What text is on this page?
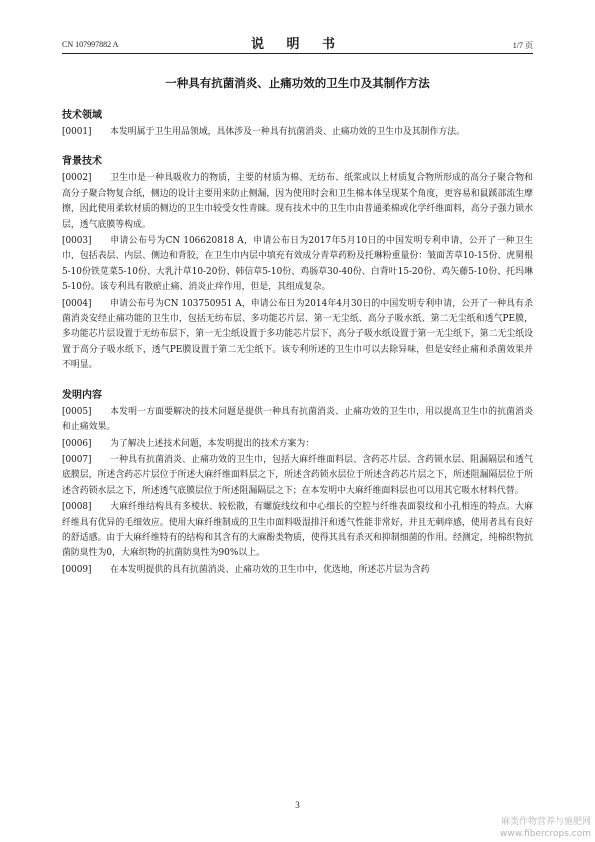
CN 107997882 A	说 明 书	1/7 页
一种具有抗菌消炎、止痛功效的卫生巾及其制作方法
技术领域

[0001] 本发明属于卫生用品领域，具体涉及一种具有抗菌消炎、止痛功效的卫生巾及其制作方法。

背景技术

[0002] 卫生巾是一种具吸收力的物质，主要的材质为棉、无纺布、纸浆或以上材质复合物所形成的高分子聚合物和高分子聚合物复合纸，侧边的设计主要用来防止侧漏，因为使用时会和卫生棉本体呈现某个角度，更容易和鼠蹊部流生摩擦，因此使用柔软材质的侧边的卫生巾较受女性青睐。现有技术中的卫生巾由普通柔棉或化学纤维面料，高分子强力锁水层，透气底膜等构成。

[0003] 申请公布号为CN 106620818 A，申请公布日为2017年5月10日的中国发明专利申请，公开了一种卫生巾，包括表层、内层、侧边和背胶，在卫生巾内层中填充有效成分青草药粉及托琳粉重量份：皱面苦草10-15份、虎舅根5-10份铁苋菜5-10份、大乳汁草10-20份、韩信草5-10份、鸡肠草30-40份、白背叶15-20份、鸡矢藤5-10份、托玛琳5-10份。该专利具有散瘀止痛、消炎止痒作用，但是，其组成复杂。

[0004] 申请公布号为CN 103750951 A，申请公布日为2014年4月30日的中国发明专利申请，公开了一种具有杀菌消炎安经止痛功能的卫生巾，包括无纺布层、多功能芯片层、第一无尘纸、高分子吸水纸、第二无尘纸和透气PE膜，多功能芯片层设置于无纺布层下，第一无尘纸设置于多功能芯片层下，高分子吸水纸设置于第一无尘纸下，第二无尘纸设置于高分子吸水纸下，透气PE膜设置于第二无尘纸下。该专利所述的卫生巾可以去除异味，但是安经止痛和杀菌效果并不明显。

发明内容

[0005] 本发明一方面要解决的技术问题是提供一种具有抗菌消炎、止痛功效的卫生巾，用以提高卫生巾的抗菌消炎和止痛效果。

[0006] 为了解决上述技术问题，本发明提出的技术方案为：

[0007] 一种具有抗菌消炎、止痛功效的卫生巾，包括大麻纤维面料层、含药芯片层、含药锁水层、阻漏隔层和透气底膜层，所述含药芯片层位于所述大麻纤维面料层之下，所述含药锁水层位于所述含药芯片层之下，所述阻漏隔层位于所述含药锁水层之下，所述透气底膜层位于所述阻漏隔层之下；在本发明中大麻纤维面料层也可以用其它吸水材料代替。

[0008] 大麻纤维结构具有多棱状、较松散，有螺旋线纹和中心细长的空腔与纤维表面裂纹和小孔相连的特点。大麻纤维具有优异的毛细效应。使用大麻纤维制成的卫生巾面料吸湿排汗和透气性能非常好，并且无刺痒感，使用者具有良好的舒适感。由于大麻纤维特有的结构和其含有的大麻酚类物质，使得其具有杀灭和抑制细菌的作用。经测定，纯棉织物抗菌防臭性为0，大麻织物的抗菌防臭性为90%以上。

[0009] 在本发明提供的具有抗菌消炎、止痛功效的卫生巾中，优选地，所述芯片层为含药

3
麻类作物营养与施肥网
www.fibercrops.com
